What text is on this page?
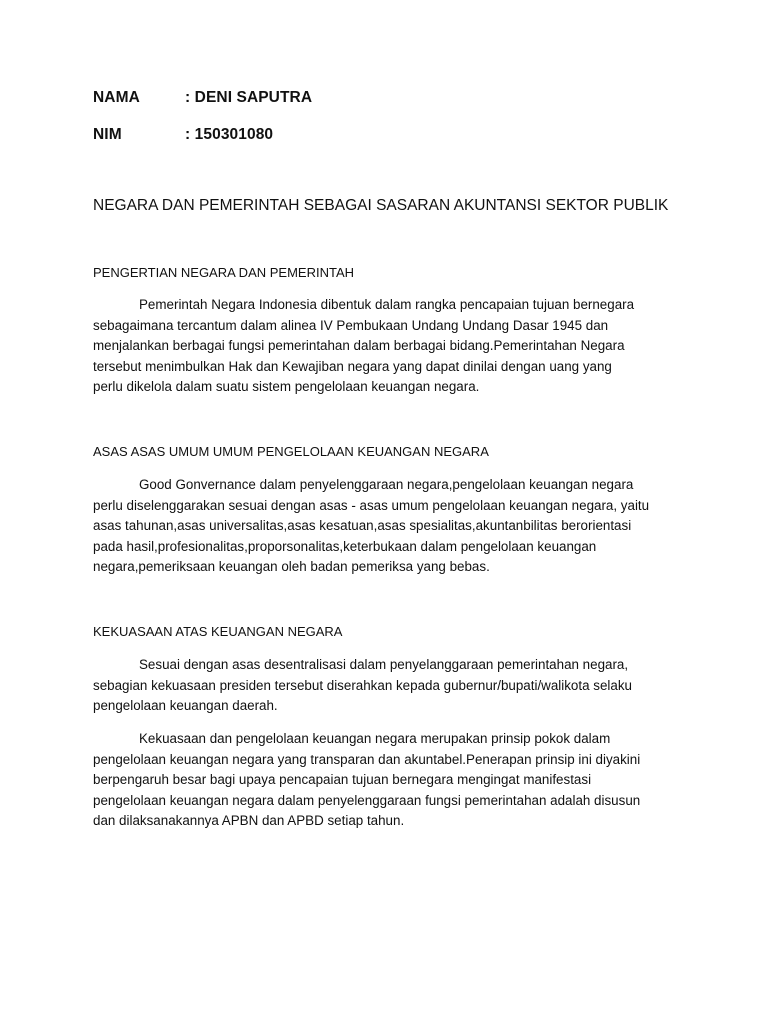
NAMA	: DENI SAPUTRA
NIM	: 150301080
NEGARA DAN PEMERINTAH SEBAGAI SASARAN AKUNTANSI SEKTOR PUBLIK
PENGERTIAN NEGARA DAN PEMERINTAH

Pemerintah Negara Indonesia dibentuk dalam rangka pencapaian tujuan bernegara
sebagaimana tercantum dalam alinea IV Pembukaan Undang Undang Dasar 1945 dan
menjalankan berbagai fungsi pemerintahan dalam berbagai bidang.Pemerintahan Negara
tersebut menimbulkan Hak dan Kewajiban negara yang dapat dinilai dengan uang yang
perlu dikelola dalam suatu sistem pengelolaan keuangan negara.

ASAS ASAS UMUM UMUM PENGELOLAAN KEUANGAN NEGARA

Good Gonvernance dalam penyelenggaraan negara,pengelolaan keuangan negara
perlu diselenggarakan sesuai dengan asas - asas umum pengelolaan keuangan negara, yaitu
asas tahunan,asas universalitas,asas kesatuan,asas spesialitas,akuntanbilitas berorientasi
pada hasil,profesionalitas,proporsonalitas,keterbukaan dalam pengelolaan keuangan
negara,pemeriksaan keuangan oleh badan pemeriksa yang bebas.

KEKUASAAN ATAS KEUANGAN NEGARA

Sesuai dengan asas desentralisasi dalam penyelanggaraan pemerintahan negara,
sebagian kekuasaan presiden tersebut diserahkan kepada gubernur/bupati/walikota selaku
pengelolaan keuangan daerah.

Kekuasaan dan pengelolaan keuangan negara merupakan prinsip pokok dalam
pengelolaan keuangan negara yang transparan dan akuntabel.Penerapan prinsip ini diyakini
berpengaruh besar bagi upaya pencapaian tujuan bernegara mengingat manifestasi
pengelolaan keuangan negara dalam penyelenggaraan fungsi pemerintahan adalah disusun
dan dilaksanakannya APBN dan APBD setiap tahun.
